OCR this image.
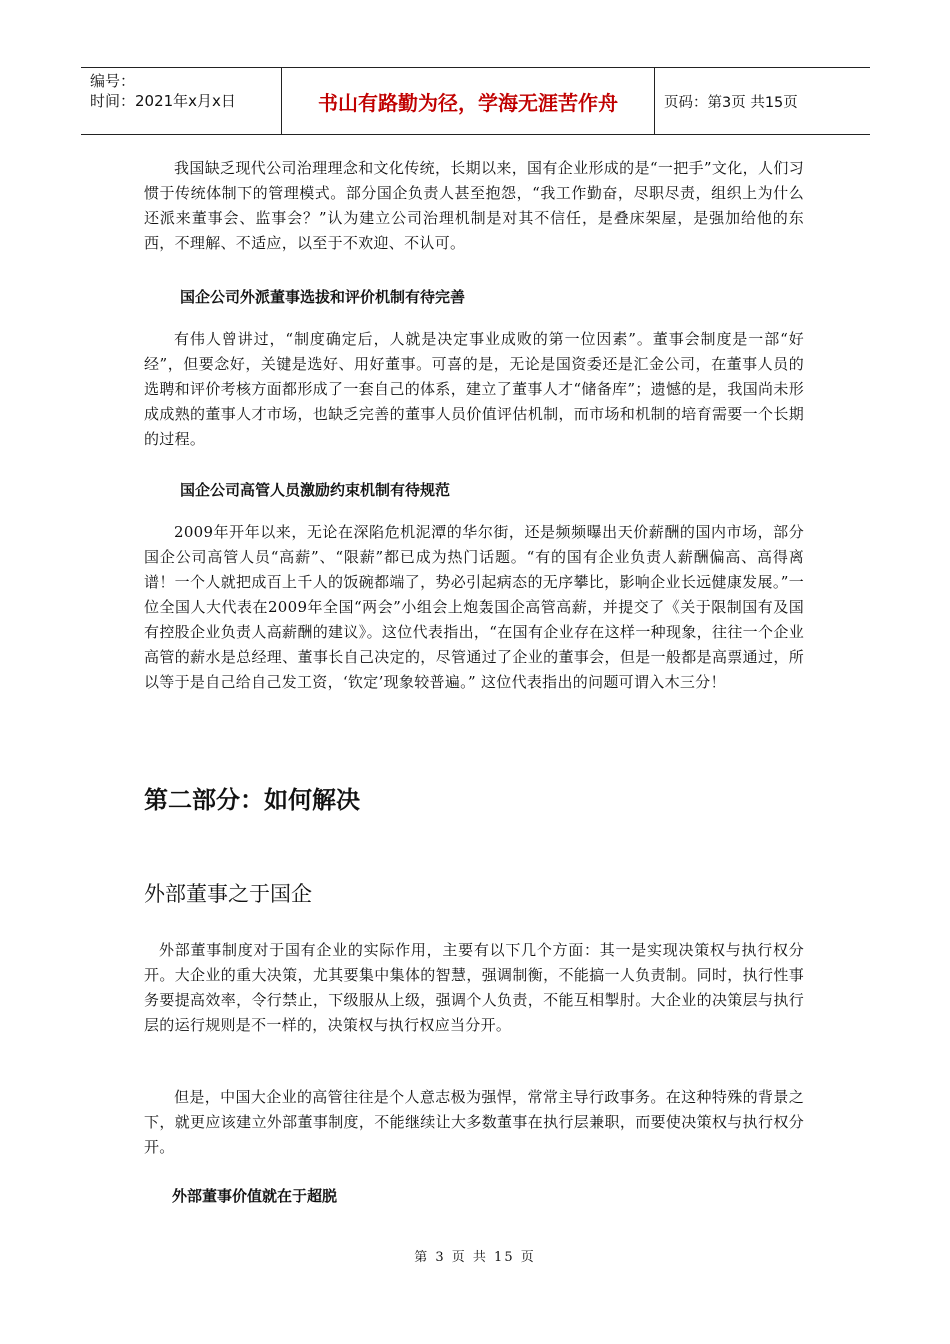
编号：
时间：2021年x月x日	书山有路勤为径，学海无涯苦作舟	页码：第3页 共15页

我国缺乏现代公司治理理念和文化传统，长期以来，国有企业形成的是“一把手”文化，人们习惯于传统体制下的管理模式。部分国企负责人甚至抱怨，“我工作勤奋，尽职尽责，组织上为什么还派来董事会、监事会？”认为建立公司治理机制是对其不信任，是叠床架屋，是强加给他的东西，不理解、不适应，以至于不欢迎、不认可。

国企公司外派董事选拔和评价机制有待完善

有伟人曾讲过，“制度确定后，人就是决定事业成败的第一位因素”。董事会制度是一部“好经”，但要念好，关键是选好、用好董事。可喜的是，无论是国资委还是汇金公司，在董事人员的选聘和评价考核方面都形成了一套自己的体系，建立了董事人才“储备库”；遗憾的是，我国尚未形成成熟的董事人才市场，也缺乏完善的董事人员价值评估机制，而市场和机制的培育需要一个长期的过程。

国企公司高管人员激励约束机制有待规范

2009年开年以来，无论在深陷危机泥潭的华尔街，还是频频曝出天价薪酬的国内市场，部分国企公司高管人员“高薪”、“限薪”都已成为热门话题。“有的国有企业负责人薪酬偏高、高得离谱！一个人就把成百上千人的饭碗都端了，势必引起病态的无序攀比，影响企业长远健康发展。”一位全国人大代表在2009年全国“两会”小组会上炮轰国企高管高薪，并提交了《关于限制国有及国有控股企业负责人高薪酬的建议》。这位代表指出，“在国有企业存在这样一种现象，往往一个企业高管的薪水是总经理、董事长自己决定的，尽管通过了企业的董事会，但是一般都是高票通过，所以等于是自己给自己发工资，‘钦定’现象较普遍。” 这位代表指出的问题可谓入木三分！

第二部分：如何解决
外部董事之于国企

外部董事制度对于国有企业的实际作用，主要有以下几个方面：其一是实现决策权与执行权分开。大企业的重大决策，尤其要集中集体的智慧，强调制衡，不能搞一人负责制。同时，执行性事务要提高效率，令行禁止，下级服从上级，强调个人负责，不能互相掣肘。大企业的决策层与执行层的运行规则是不一样的，决策权与执行权应当分开。

但是，中国大企业的高管往往是个人意志极为强悍，常常主导行政事务。在这种特殊的背景之下，就更应该建立外部董事制度，不能继续让大多数董事在执行层兼职，而要使决策权与执行权分开。

外部董事价值就在于超脱
第 3 页 共 15 页
